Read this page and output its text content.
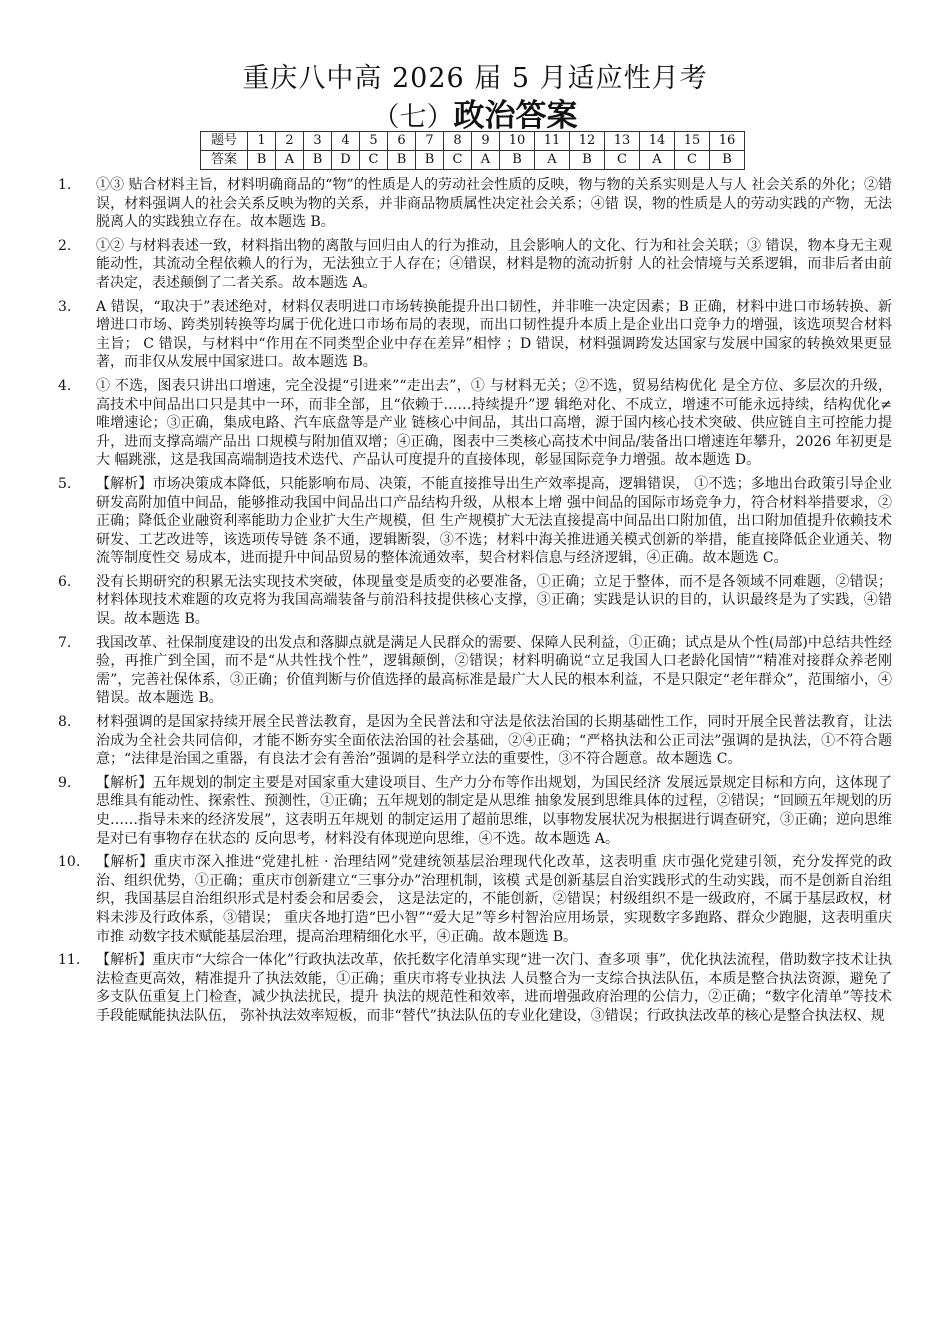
重庆八中高 2026 届 5 月适应性月考
（七）政治答案
题号	1	2	3	4	5	6	7	8	9	10	11	12	13	14	15	16
答案	B	A	B	D	C	B	B	C	A	B	A	B	C	A	C	B
1.	①③ 贴合材料主旨，材料明确商品的“物”的性质是人的劳动社会性质的反映，物与物的关系实则是人与人 社会关系的外化；②错误，材料强调人的社会关系反映为物的关系，并非商品物质属性决定社会关系；④错 误，物的性质是人的劳动实践的产物，无法脱离人的实践独立存在。故本题选 B。
2.	①② 与材料表述一致，材料指出物的离散与回归由人的行为推动，且会影响人的文化、行为和社会关联；③ 错误，物本身无主观能动性，其流动全程依赖人的行为，无法独立于人存在；④错误，材料是物的流动折射 人的社会情境与关系逻辑，而非后者由前者决定，表述颠倒了二者关系。故本题选 A。
3.	A 错误，“取决于”表述绝对，材料仅表明进口市场转换能提升出口韧性，并非唯一决定因素；B 正确，材料中进口市场转换、新增进口市场、跨类别转换等均属于优化进口市场布局的表现，而出口韧性提升本质上是企业出口竞争力的增强，该选项契合材料主旨； C 错误，与材料中“作用在不同类型企业中存在差异”相悖 ；D 错误，材料强调跨发达国家与发展中国家的转换效果更显著，而非仅从发展中国家进口。故本题选 B。
4.	① 不选，图表只讲出口增速，完全没提“引进来”“走出去”，① 与材料无关；②不选，贸易结构优化 是全方位、多层次的升级，高技术中间品出口只是其中一环，而非全部，且“依赖于……持续提升”逻 辑绝对化、不成立，增速不可能永远持续，结构优化≠唯增速论；③正确，集成电路、汽车底盘等是产业 链核心中间品，其出口高增，源于国内核心技术突破、供应链自主可控能力提升，进而支撑高端产品出 口规模与附加值双增；④正确，图表中三类核心高技术中间品/装备出口增速连年攀升，2026 年初更是大 幅跳涨，这是我国高端制造技术迭代、产品认可度提升的直接体现，彰显国际竞争力增强。故本题选 D。
5.	【解析】市场决策成本降低，只能影响布局、决策，不能直接推导出生产效率提高，逻辑错误， ①不选；多地出台政策引导企业研发高附加值中间品，能够推动我国中间品出口产品结构升级，从根本上增 强中间品的国际市场竞争力，符合材料举措要求，②正确；降低企业融资利率能助力企业扩大生产规模，但 生产规模扩大无法直接提高中间品出口附加值，出口附加值提升依赖技术研发、工艺改进等，该选项传导链 条不通，逻辑断裂，③不选；材料中海关推进通关模式创新的举措，能直接降低企业通关、物流等制度性交 易成本，进而提升中间品贸易的整体流通效率，契合材料信息与经济逻辑，④正确。故本题选 C。
6.	没有长期研究的积累无法实现技术突破，体现量变是质变的必要准备，①正确；立足于整体，而不是各领域不同难题，②错误；材料体现技术难题的攻克将为我国高端装备与前沿科技提供核心支撑，③正确；实践是认识的目的，认识最终是为了实践，④错误。故本题选 B。
7.	我国改革、社保制度建设的出发点和落脚点就是满足人民群众的需要、保障人民利益，①正确；试点是从个性(局部)中总结共性经验，再推广到全国，而不是“从共性找个性”，逻辑颠倒，②错误；材料明确说“立足我国人口老龄化国情”“精准对接群众养老刚需”，完善社保体系，③正确；价值判断与价值选择的最高标准是最广大人民的根本利益，不是只限定“老年群众”，范围缩小，④错误。故本题选 B。
8.	材料强调的是国家持续开展全民普法教育，是因为全民普法和守法是依法治国的长期基础性工作，同时开展全民普法教育，让法治成为全社会共同信仰，才能不断夯实全面依法治国的社会基础，②④正确；“严格执法和公正司法”强调的是执法，①不符合题意；“法律是治国之重器，有良法才会有善治”强调的是科学立法的重要性，③不符合题意。故本题选 C。
9.	【解析】五年规划的制定主要是对国家重大建设项目、生产力分布等作出规划，为国民经济 发展远景规定目标和方向，这体现了思维具有能动性、探索性、预测性，①正确；五年规划的制定是从思维 抽象发展到思维具体的过程，②错误；“回顾五年规划的历史……指导未来的经济发展”，这表明五年规划 的制定运用了超前思维，以事物发展状况为根据进行调查研究，③正确；逆向思维是对已有事物存在状态的 反向思考，材料没有体现逆向思维，④不选。故本题选 A。
10.	【解析】重庆市深入推进“党建扎桩 · 治理结网”党建统领基层治理现代化改革，这表明重 庆市强化党建引领，充分发挥党的政治、组织优势，①正确；重庆市创新建立“三事分办”治理机制，该模 式是创新基层自治实践形式的生动实践，而不是创新自治组织，我国基层自治组织形式是村委会和居委会， 这是法定的，不能创新，②错误；村级组织不是一级政府，不属于基层政权，材料未涉及行政体系，③错误； 重庆各地打造“巴小智”“爱大足”等乡村智治应用场景，实现数字多跑路、群众少跑腿，这表明重庆市推 动数字技术赋能基层治理，提高治理精细化水平，④正确。故本题选 B。
11.	【解析】重庆市“大综合一体化”行政执法改革，依托数字化清单实现“进一次门、查多项 事”，优化执法流程，借助数字技术让执法检查更高效，精准提升了执法效能，①正确；重庆市将专业执法 人员整合为一支综合执法队伍，本质是整合执法资源，避免了多支队伍重复上门检查，减少执法扰民，提升 执法的规范性和效率，进而增强政府治理的公信力，②正确；“数字化清单”等技术手段能赋能执法队伍， 弥补执法效率短板，而非“替代”执法队伍的专业化建设，③错误；行政执法改革的核心是整合执法权、规
